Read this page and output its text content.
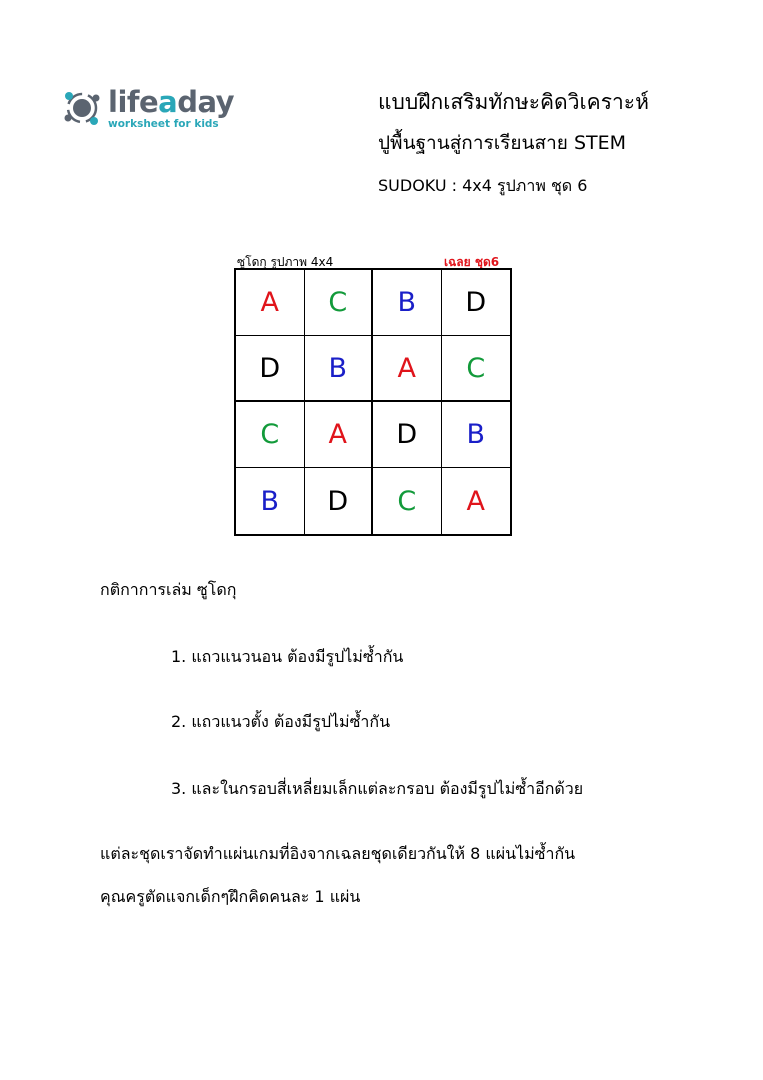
lifeaday
worksheet for kids
แบบฝึกเสริมทักษะคิดวิเคราะห์
ปูพื้นฐานสู่การเรียนสาย STEM
SUDOKU : 4x4 รูปภาพ ชุด 6
ซูโดกุ รูปภาพ 4x4	เฉลย ชุด6
A	C	B	D
D	B	A	C
C	A	D	B
B	D	C	A
กติกาการเล่ม ซูโดกุ
1. แถวแนวนอน ต้องมีรูปไม่ซ้ำกัน
2. แถวแนวตั้ง ต้องมีรูปไม่ซ้ำกัน
3. และในกรอบสี่เหลี่ยมเล็กแต่ละกรอบ ต้องมีรูปไม่ซ้ำอีกด้วย
แต่ละชุดเราจัดทำแผ่นเกมที่อิงจากเฉลยชุดเดียวกันให้ 8 แผ่นไม่ซ้ำกัน
คุณครูตัดแจกเด็กๆฝึกคิดคนละ 1 แผ่น
